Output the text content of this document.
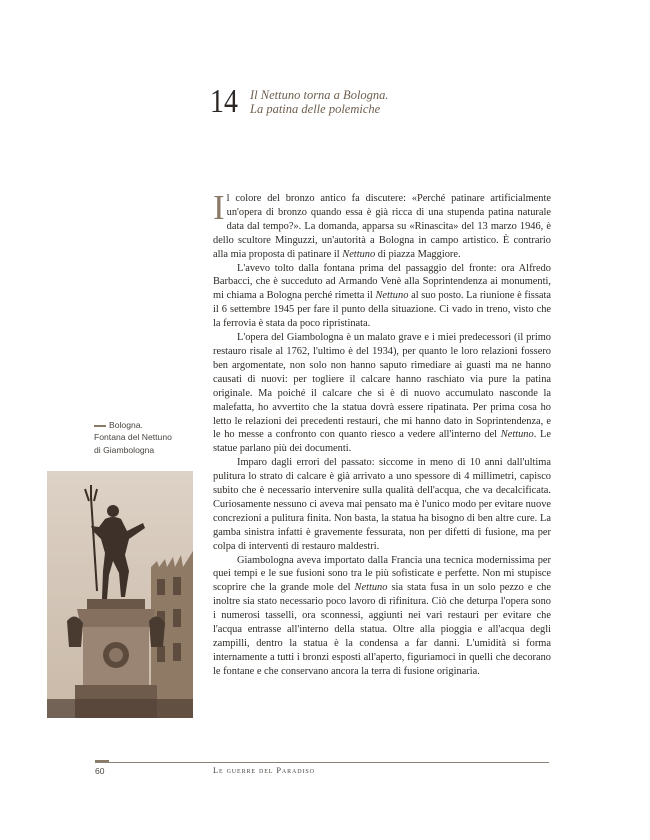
14 Il Nettuno torna a Bologna.
La patina delle polemiche

Il colore del bronzo antico fa discutere: «Perché patinare artificialmente un'opera di bronzo quando essa è già ricca di una stupenda patina naturale data dal tempo?». La domanda, apparsa su «Rinascita» del 13 marzo 1946, è dello scultore Minguzzi, un'autorità a Bologna in campo artistico. È contrario alla mia proposta di patinare il Nettuno di piazza Maggiore.

L'avevo tolto dalla fontana prima del passaggio del fronte: ora Alfredo Barbacci, che è succeduto ad Armando Venè alla Soprintendenza ai monumenti, mi chiama a Bologna perché rimetta il Nettuno al suo posto. La riunione è fissata il 6 settembre 1945 per fare il punto della situazione. Ci vado in treno, visto che la ferrovia è stata da poco ripristinata.

L'opera del Giambologna è un malato grave e i miei predecessori (il primo restauro risale al 1762, l'ultimo è del 1934), per quanto le loro relazioni fossero ben argomentate, non solo non hanno saputo rimediare ai guasti ma ne hanno causati di nuovi: per togliere il calcare hanno raschiato via pure la patina originale. Ma poiché il calcare che si è di nuovo accumulato nasconde la malefatta, ho avvertito che la statua dovrà essere ripatinata. Per prima cosa ho letto le relazioni dei precedenti restauri, che mi hanno dato in Soprintendenza, e le ho messe a confronto con quanto riesco a vedere all'interno del Nettuno. Le statue parlano più dei documenti.

Imparo dagli errori del passato: siccome in meno di 10 anni dall'ultima pulitura lo strato di calcare è già arrivato a uno spessore di 4 millimetri, capisco subito che è necessario intervenire sulla qualità dell'acqua, che va decalcificata. Curiosamente nessuno ci aveva mai pensato ma è l'unico modo per evitare nuove concrezioni a pulitura finita. Non basta, la statua ha bisogno di ben altre cure. La gamba sinistra infatti è gravemente fessurata, non per difetti di fusione, ma per colpa di interventi di restauro maldestri.

Giambologna aveva importato dalla Francia una tecnica modernissima per quei tempi e le sue fusioni sono tra le più sofisticate e perfette. Non mi stupisce scoprire che la grande mole del Nettuno sia stata fusa in un solo pezzo e che inoltre sia stato necessario poco lavoro di rifinitura. Ciò che deturpa l'opera sono i numerosi tasselli, ora sconnessi, aggiunti nei vari restauri per evitare che l'acqua entrasse all'interno della statua. Oltre alla pioggia e all'acqua degli zampilli, dentro la statua è la condensa a far danni. L'umidità si forma internamente a tutti i bronzi esposti all'aperto, figuriamoci in quelli che decorano le fontane e che conservano ancora la terra di fusione originaria.

Bologna.
Fontana del Nettuno
di Giambologna
60	Le guerre del Paradiso
